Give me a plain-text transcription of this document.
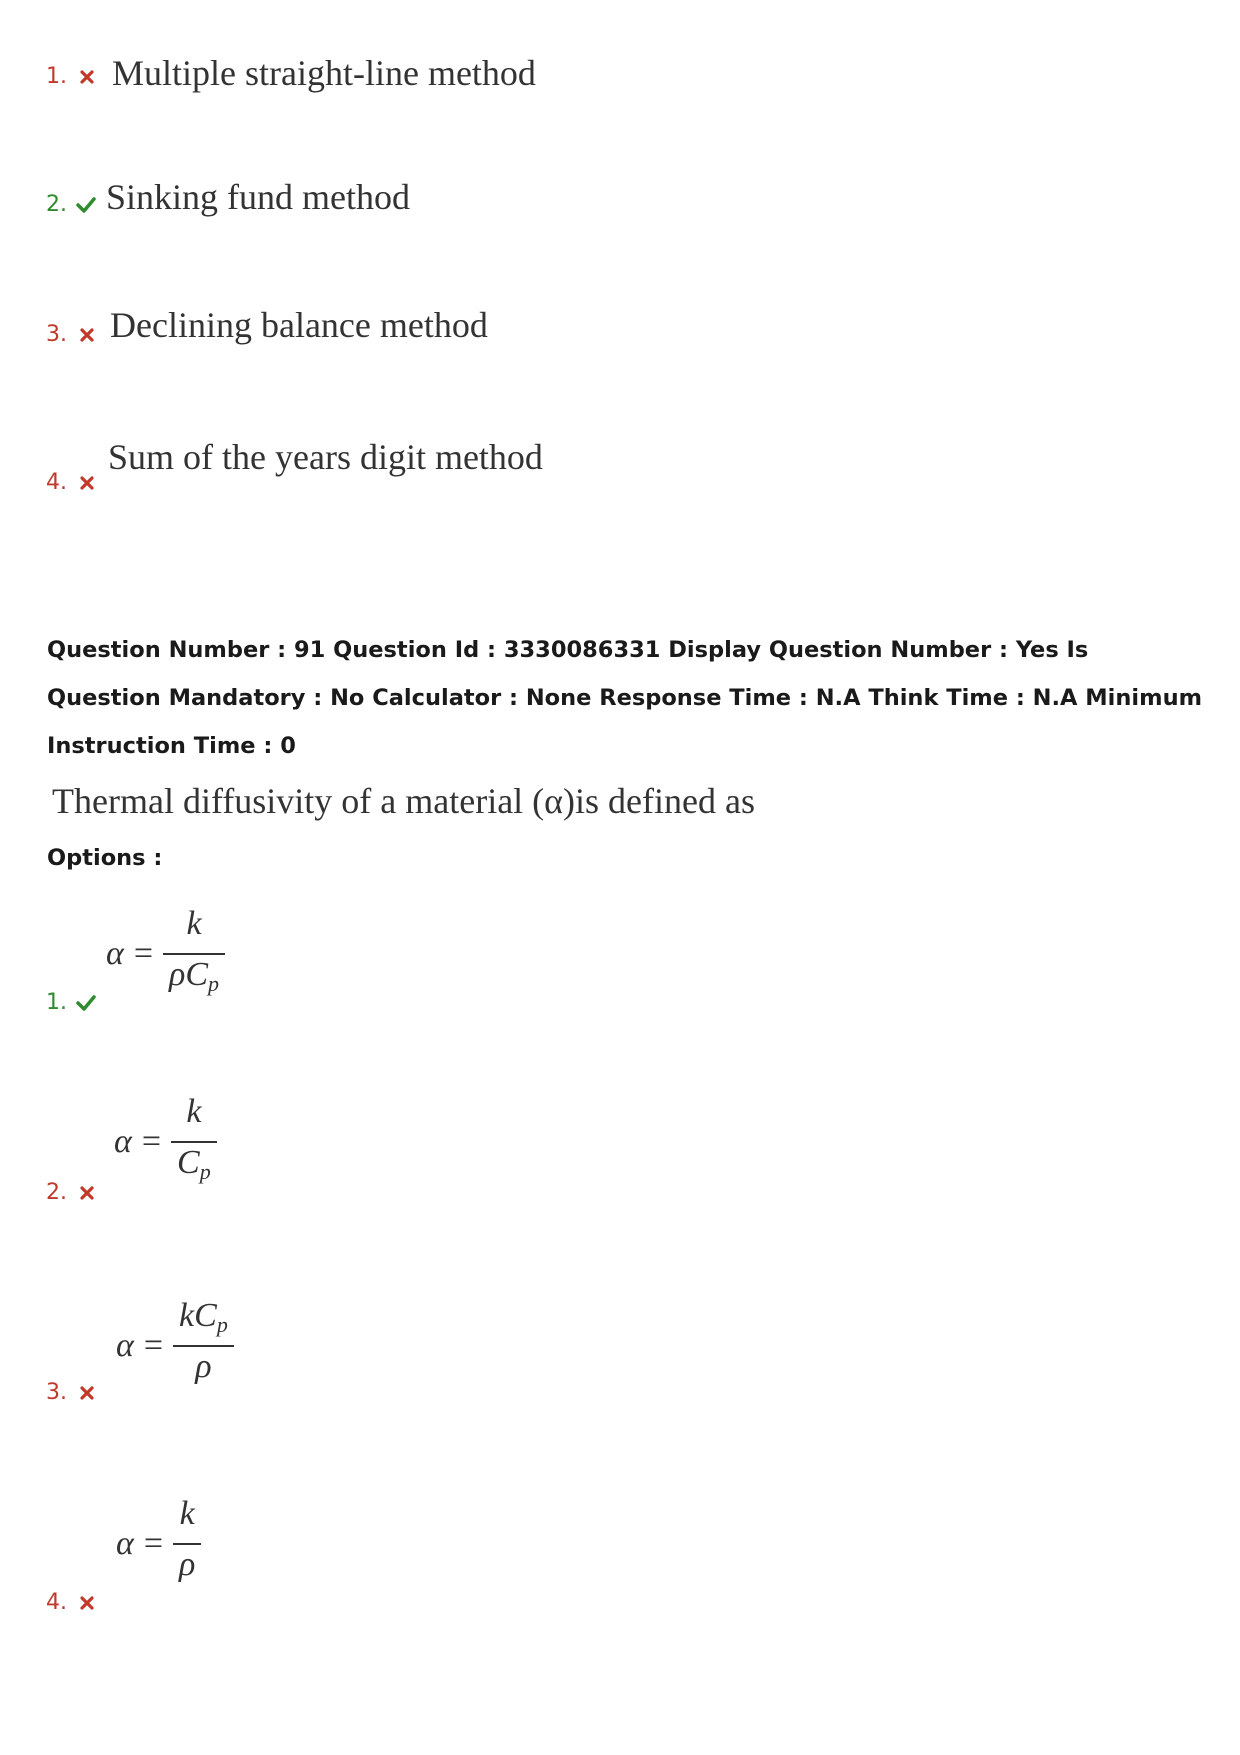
1.	Multiple straight-line method
2.	Sinking fund method
3.	Declining balance method
4.
Sum of the years digit method
Question Number : 91 Question Id : 3330086331 Display Question Number : Yes Is Question Mandatory : No Calculator : None Response Time : N.A Think Time : N.A Minimum Instruction Time : 0
Thermal diffusivity of a material (α)is defined as
Options :
$\alpha = \frac{k}{\rho C_p}$
1.
$\alpha = \frac{k}{C_p}$
2.
$\alpha = \frac{kC_p}{\rho}$
3.
$\alpha = \frac{k}{\rho}$
4.
